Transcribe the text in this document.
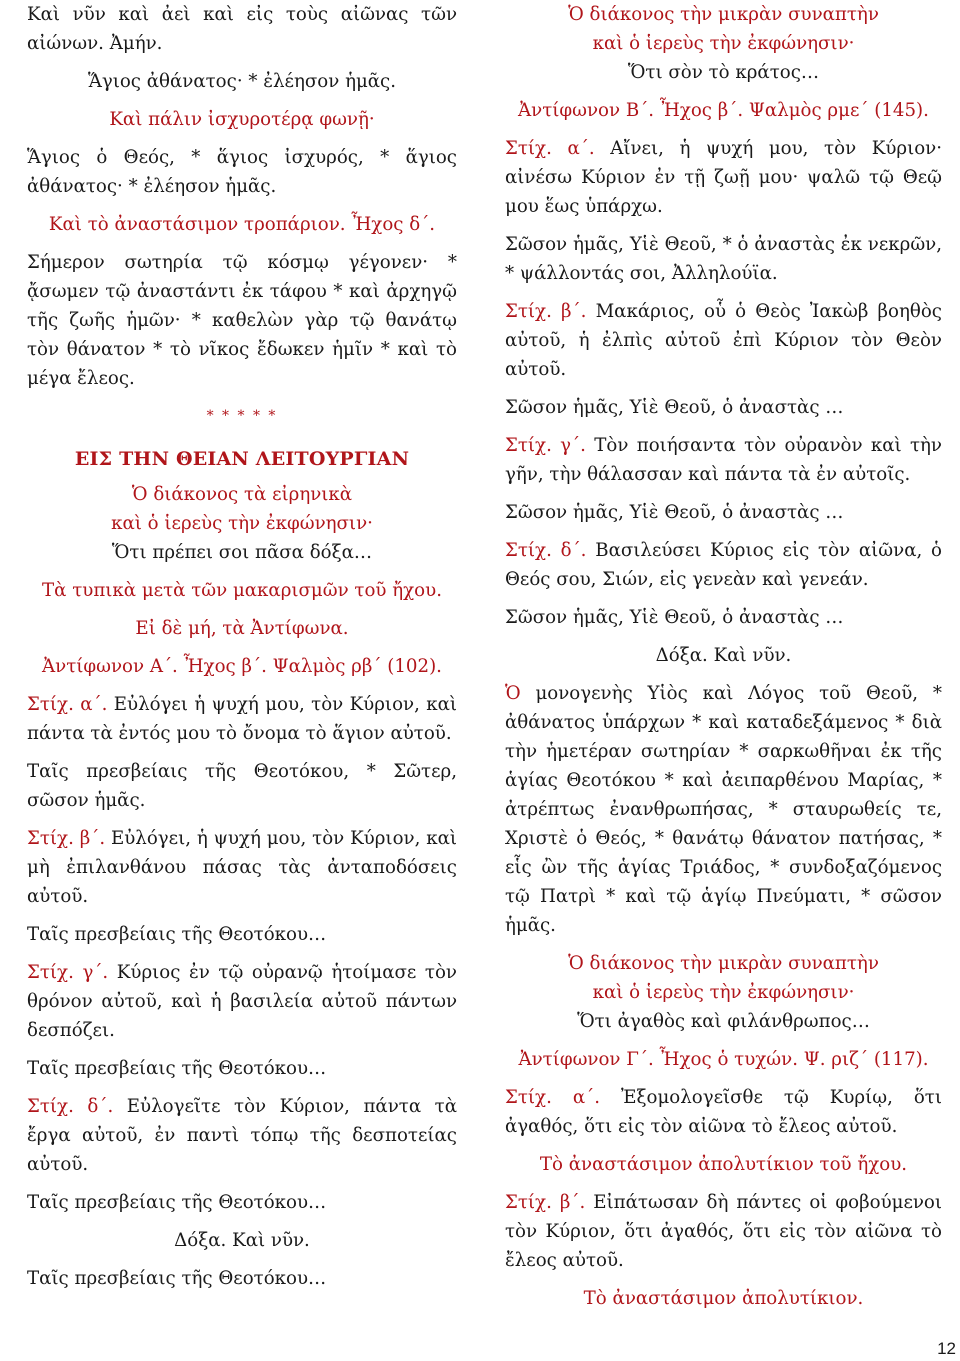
Καὶ νῦν καὶ ἀεὶ καὶ εἰς τοὺς αἰῶνας τῶν αἰώνων. Ἀμήν.

Ἅγιος ἀθάνατος· * ἐλέησον ἡμᾶς.

Καὶ πάλιν ἰσχυροτέρᾳ φωνῇ·

Ἅγιος ὁ Θεός, * ἅγιος ἰσχυρός, * ἅγιος ἀθάνατος· * ἐλέησον ἡμᾶς.

Καὶ τὸ ἀναστάσιμον τροπάριον. Ἦχος δ΄.

Σήμερον σωτηρία τῷ κόσμῳ γέγονεν· * ᾄσωμεν τῷ ἀναστάντι ἐκ τάφου * καὶ ἀρχηγῷ τῆς ζωῆς ἡμῶν· * καθελὼν γὰρ τῷ θανάτῳ τὸν θάνατον * τὸ νῖκος ἔδωκεν ἡμῖν * καὶ τὸ μέγα ἔλεος.

* * * * *
ΕΙΣ ΤΗΝ ΘΕΙΑΝ ΛΕΙΤΟΥΡΓΙΑΝ

Ὁ διάκονος τὰ εἰρηνικὰ

καὶ ὁ ἱερεὺς τὴν ἐκφώνησιν·

Ὅτι πρέπει σοι πᾶσα δόξα…

Τὰ τυπικὰ μετὰ τῶν μακαρισμῶν τοῦ ἤχου.

Εἰ δὲ μή, τὰ Ἀντίφωνα.

Ἀντίφωνον Α΄. Ἦχος β΄. Ψαλμὸς ρβ΄ (102).

Στίχ. α΄. Εὐλόγει ἡ ψυχή μου, τὸν Κύριον, καὶ πάντα τὰ ἐντός μου τὸ ὄνομα τὸ ἅγιον αὐτοῦ.

Ταῖς πρεσβείαις τῆς Θεοτόκου, * Σῶτερ, σῶσον ἡμᾶς.

Στίχ. β΄. Εὐλόγει, ἡ ψυχή μου, τὸν Κύριον, καὶ μὴ ἐπιλανθάνου πάσας τὰς ἀνταποδόσεις αὐτοῦ.

Ταῖς πρεσβείαις τῆς Θεοτόκου…

Στίχ. γ΄. Κύριος ἐν τῷ οὐρανῷ ἡτοίμασε τὸν θρόνον αὐτοῦ, καὶ ἡ βασιλεία αὐτοῦ πάντων δεσπόζει.

Ταῖς πρεσβείαις τῆς Θεοτόκου…

Στίχ. δ΄. Εὐλογεῖτε τὸν Κύριον, πάντα τὰ ἔργα αὐτοῦ, ἐν παντὶ τόπῳ τῆς δεσποτείας αὐτοῦ.

Ταῖς πρεσβείαις τῆς Θεοτόκου…

Δόξα. Καὶ νῦν.

Ταῖς πρεσβείαις τῆς Θεοτόκου…

Ὁ διάκονος τὴν μικρὰν συναπτὴν

καὶ ὁ ἱερεὺς τὴν ἐκφώνησιν·

Ὅτι σὸν τὸ κράτος…

Ἀντίφωνον Β΄. Ἦχος β΄. Ψαλμὸς ρμε΄ (145).

Στίχ. α΄. Αἴνει, ἡ ψυχή μου, τὸν Κύριον· αἰνέσω Κύριον ἐν τῇ ζωῇ μου· ψαλῶ τῷ Θεῷ μου ἕως ὑπάρχω.

Σῶσον ἡμᾶς, Υἱὲ Θεοῦ, * ὁ ἀναστὰς ἐκ νεκρῶν, * ψάλλοντάς σοι, Ἀλληλούϊα.

Στίχ. β΄. Μακάριος, οὗ ὁ Θεὸς Ἰακὼβ βοηθὸς αὐτοῦ, ἡ ἐλπὶς αὐτοῦ ἐπὶ Κύριον τὸν Θεὸν αὐτοῦ.

Σῶσον ἡμᾶς, Υἱὲ Θεοῦ, ὁ ἀναστὰς …

Στίχ. γ΄. Τὸν ποιήσαντα τὸν οὐρανὸν καὶ τὴν γῆν, τὴν θάλασσαν καὶ πάντα τὰ ἐν αὐτοῖς.

Σῶσον ἡμᾶς, Υἱὲ Θεοῦ, ὁ ἀναστὰς …

Στίχ. δ΄. Βασιλεύσει Κύριος εἰς τὸν αἰῶνα, ὁ Θεός σου, Σιών, εἰς γενεὰν καὶ γενεάν.

Σῶσον ἡμᾶς, Υἱὲ Θεοῦ, ὁ ἀναστὰς …

Δόξα. Καὶ νῦν.

Ὁ μονογενὴς Υἱὸς καὶ Λόγος τοῦ Θεοῦ, * ἀθάνατος ὑπάρχων * καὶ καταδεξάμενος * διὰ τὴν ἡμετέραν σωτηρίαν * σαρκωθῆναι ἐκ τῆς ἁγίας Θεοτόκου * καὶ ἀειπαρθένου Μαρίας, * ἀτρέπτως ἐνανθρωπήσας, * σταυρωθείς τε, Χριστὲ ὁ Θεός, * θανάτῳ θάνατον πατήσας, * εἷς ὢν τῆς ἁγίας Τριάδος, * συνδοξαζόμενος τῷ Πατρὶ * καὶ τῷ ἁγίῳ Πνεύματι, * σῶσον ἡμᾶς.

Ὁ διάκονος τὴν μικρὰν συναπτὴν

καὶ ὁ ἱερεὺς τὴν ἐκφώνησιν·

Ὅτι ἀγαθὸς καὶ φιλάνθρωπος…

Ἀντίφωνον Γ΄. Ἦχος ὁ τυχών. Ψ. ριζ΄ (117).

Στίχ. α΄. Ἐξομολογεῖσθε τῷ Κυρίῳ, ὅτι ἀγαθός, ὅτι εἰς τὸν αἰῶνα τὸ ἔλεος αὐτοῦ.

Τὸ ἀναστάσιμον ἀπολυτίκιον τοῦ ἤχου.

Στίχ. β΄. Εἰπάτωσαν δὴ πάντες οἱ φοβούμενοι τὸν Κύριον, ὅτι ἀγαθός, ὅτι εἰς τὸν αἰῶνα τὸ ἔλεος αὐτοῦ.

Τὸ ἀναστάσιμον ἀπολυτίκιον.

12
